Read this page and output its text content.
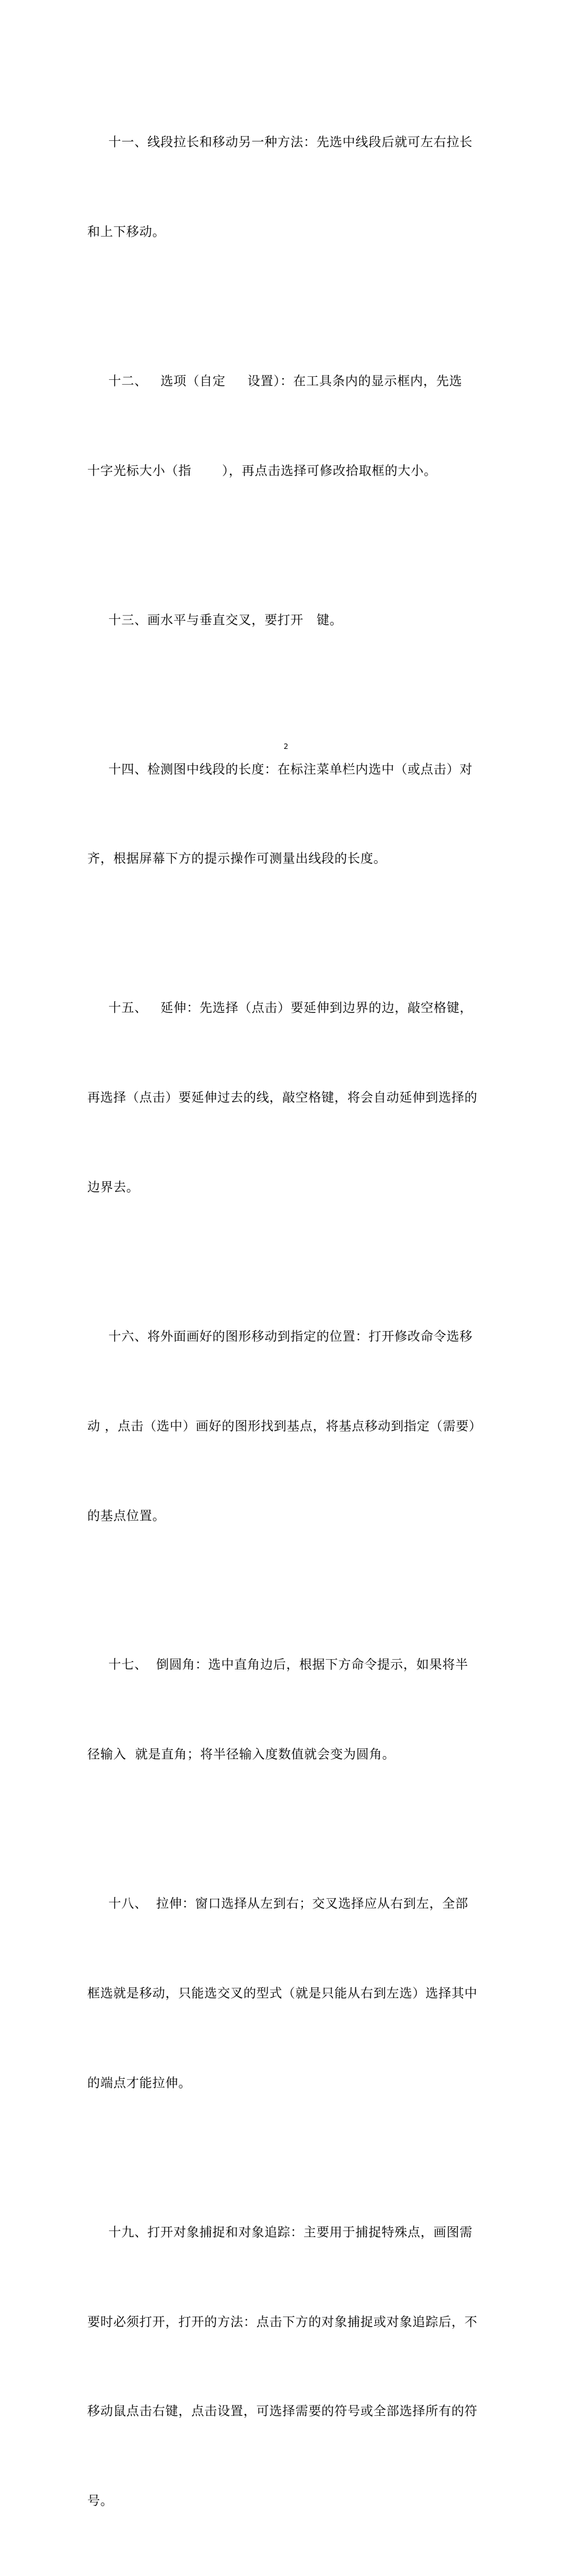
十一、线段拉长和移动另一种方法：先选中线段后就可左右拉长

和上下移动。

十二、   选项（自定     设置）：在工具条内的显示框内，先选

十字光标大小（指       ），再点击选择可修改拾取框的大小。

十三、画水平与垂直交叉，要打开   键。

十四、检测图中线段的长度：在标注菜单栏内选中（或点击）对

齐，根据屏幕下方的提示操作可测量出线段的长度。

十五、   延伸：先选择（点击）要延伸到边界的边，敲空格键，

再选择（点击）要延伸过去的线，敲空格键，将会自动延伸到选择的

边界去。

十六、将外面画好的图形移动到指定的位置：打开修改命令选移

动 ，点击（选中）画好的图形找到基点，将基点移动到指定（需要）

的基点位置。

十七、  倒圆角：选中直角边后，根据下方命令提示，如果将半

径输入  就是直角；将半径输入度数值就会变为圆角。

十八、  拉伸：窗口选择从左到右；交叉选择应从右到左，全部

框选就是移动，只能选交叉的型式（就是只能从右到左选）选择其中

的端点才能拉伸。

十九、打开对象捕捉和对象追踪：主要用于捕捉特殊点，画图需

要时必须打开，打开的方法：点击下方的对象捕捉或对象追踪后，不

移动鼠点击右键，点击设置，可选择需要的符号或全部选择所有的符

号。

2
